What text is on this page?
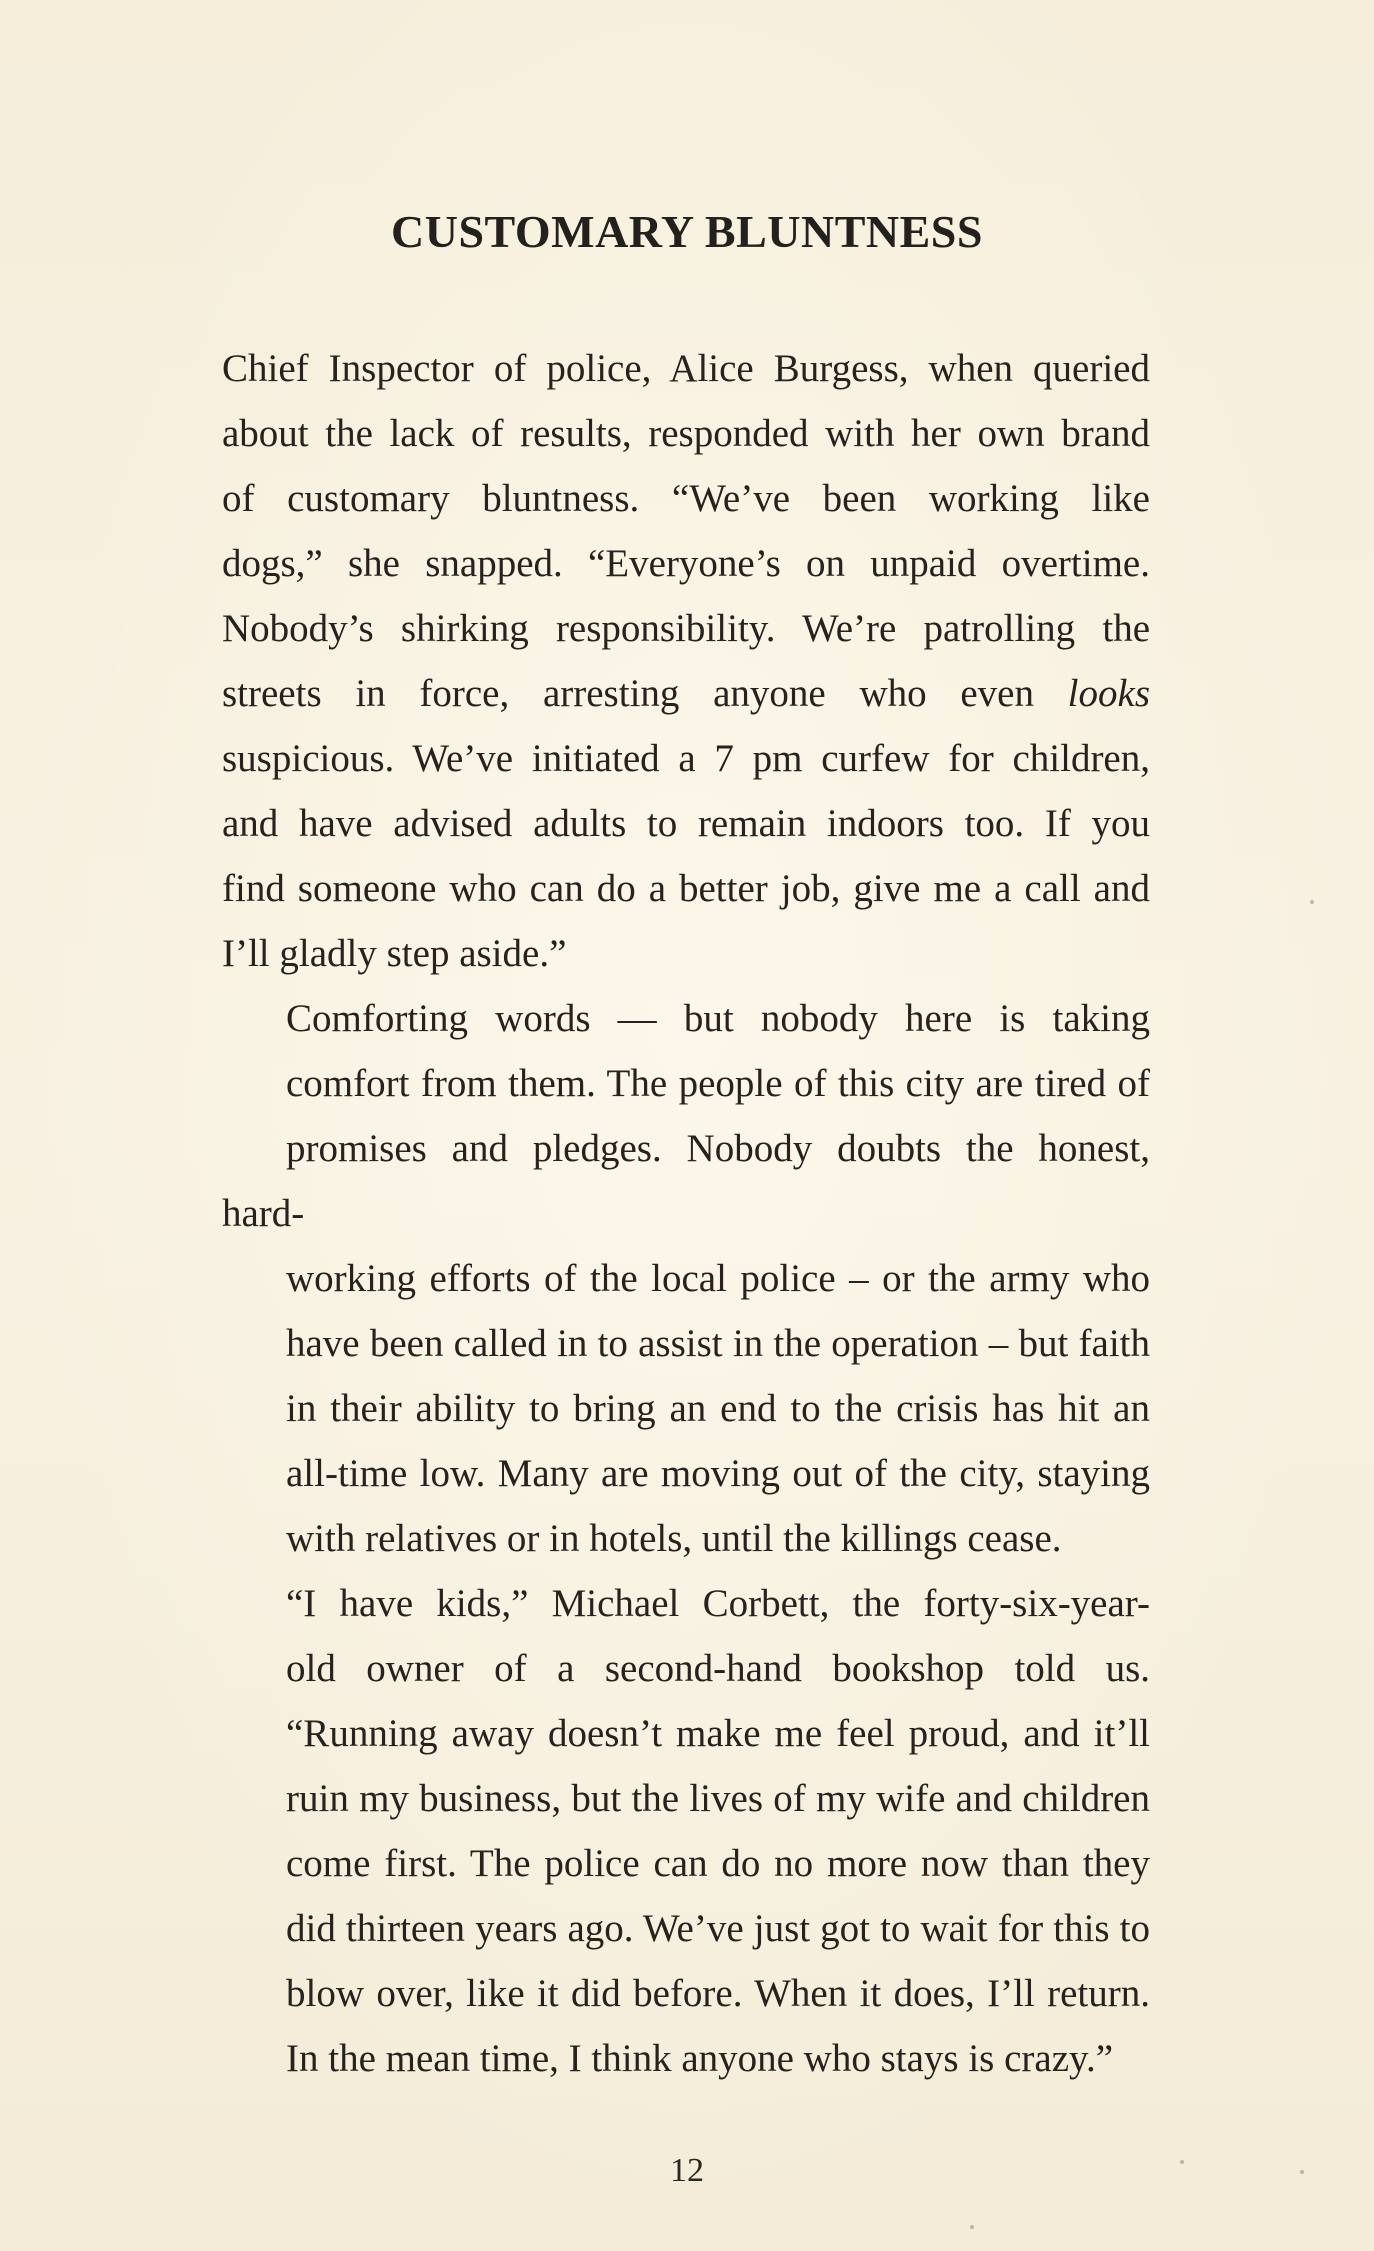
CUSTOMARY BLUNTNESS

Chief Inspector of police, Alice Burgess, when queried
about the lack of results, responded with her own brand
of customary bluntness. “We’ve been working like
dogs,” she snapped. “Everyone’s on unpaid overtime.
Nobody’s shirking responsibility. We’re patrolling the
streets in force, arresting anyone who even looks
suspicious. We’ve initiated a 7 pm curfew for children,
and have advised adults to remain indoors too. If you
find someone who can do a better job, give me a call and
I’ll gladly step aside.”

Comforting words — but nobody here is taking
comfort from them. The people of this city are tired of
promises and pledges. Nobody doubts the honest, hard-
working efforts of the local police – or the army who
have been called in to assist in the operation – but faith
in their ability to bring an end to the crisis has hit an
all-time low. Many are moving out of the city, staying
with relatives or in hotels, until the killings cease.

“I have kids,” Michael Corbett, the forty-six-year-
old owner of a second-hand bookshop told us.
“Running away doesn’t make me feel proud, and it’ll
ruin my business, but the lives of my wife and children
come first. The police can do no more now than they
did thirteen years ago. We’ve just got to wait for this to
blow over, like it did before. When it does, I’ll return.
In the mean time, I think anyone who stays is crazy.”

12
